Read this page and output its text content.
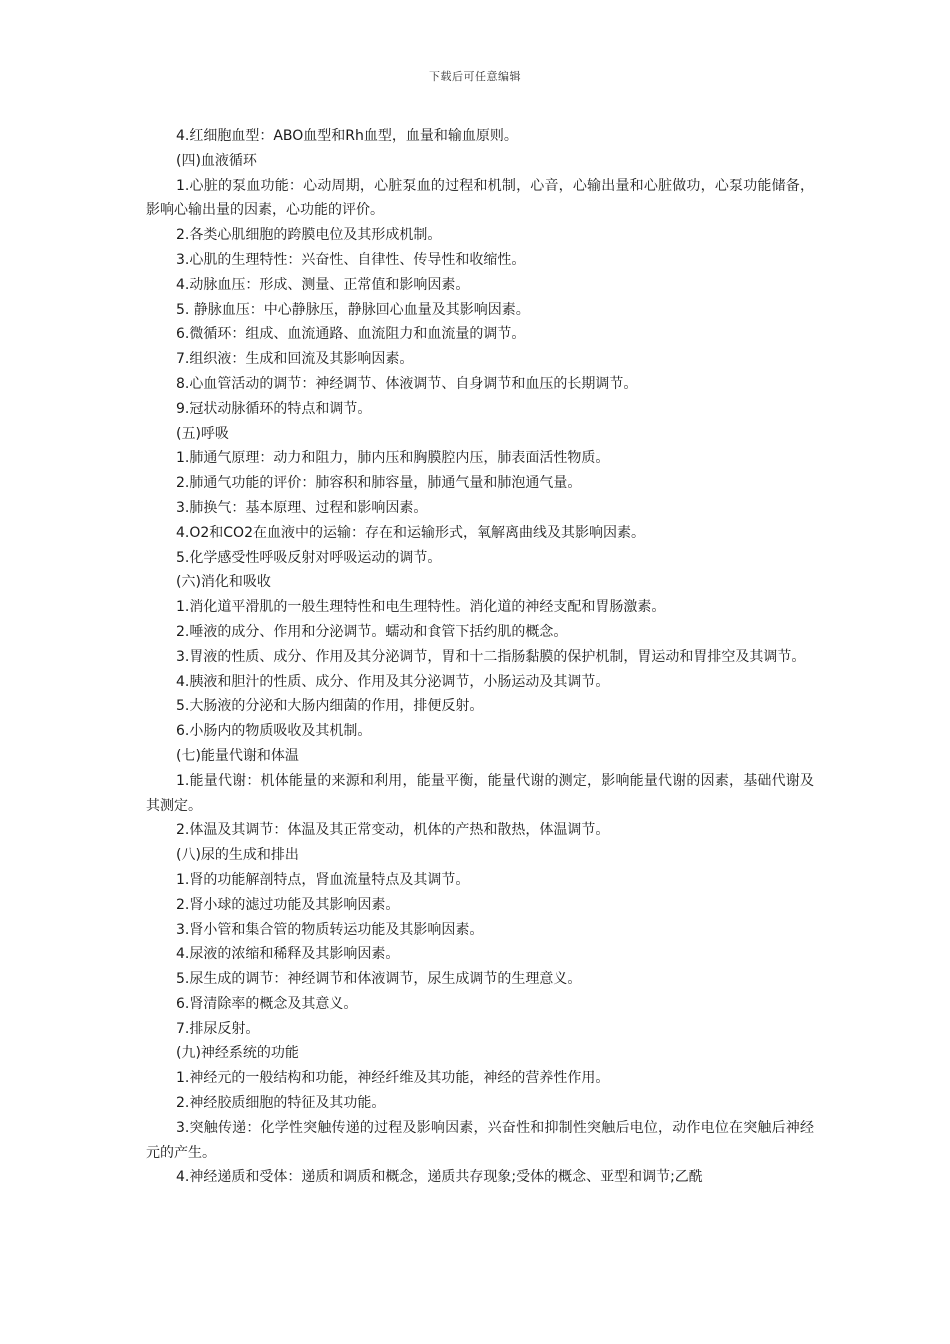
下载后可任意编辑

4.红细胞血型：ABO血型和Rh血型，血量和输血原则。

(四)血液循环

1.心脏的泵血功能：心动周期，心脏泵血的过程和机制，心音，心输出量和心脏做功，心泵功能储备，影响心输出量的因素，心功能的评价。

2.各类心肌细胞的跨膜电位及其形成机制。

3.心肌的生理特性：兴奋性、自律性、传导性和收缩性。

4.动脉血压：形成、测量、正常值和影响因素。

5. 静脉血压：中心静脉压，静脉回心血量及其影响因素。

6.微循环：组成、血流通路、血流阻力和血流量的调节。

7.组织液：生成和回流及其影响因素。

8.心血管活动的调节：神经调节、体液调节、自身调节和血压的长期调节。

9.冠状动脉循环的特点和调节。

(五)呼吸

1.肺通气原理：动力和阻力，肺内压和胸膜腔内压，肺表面活性物质。

2.肺通气功能的评价：肺容积和肺容量，肺通气量和肺泡通气量。

3.肺换气：基本原理、过程和影响因素。

4.O2和CO2在血液中的运输：存在和运输形式，氧解离曲线及其影响因素。

5.化学感受性呼吸反射对呼吸运动的调节。

(六)消化和吸收

1.消化道平滑肌的一般生理特性和电生理特性。消化道的神经支配和胃肠激素。

2.唾液的成分、作用和分泌调节。蠕动和食管下括约肌的概念。

3.胃液的性质、成分、作用及其分泌调节，胃和十二指肠黏膜的保护机制，胃运动和胃排空及其调节。

4.胰液和胆汁的性质、成分、作用及其分泌调节，小肠运动及其调节。

5.大肠液的分泌和大肠内细菌的作用，排便反射。

6.小肠内的物质吸收及其机制。

(七)能量代谢和体温

1.能量代谢：机体能量的来源和利用，能量平衡，能量代谢的测定，影响能量代谢的因素，基础代谢及其测定。

2.体温及其调节：体温及其正常变动，机体的产热和散热，体温调节。

(八)尿的生成和排出

1.肾的功能解剖特点，肾血流量特点及其调节。

2.肾小球的滤过功能及其影响因素。

3.肾小管和集合管的物质转运功能及其影响因素。

4.尿液的浓缩和稀释及其影响因素。

5.尿生成的调节：神经调节和体液调节，尿生成调节的生理意义。

6.肾清除率的概念及其意义。

7.排尿反射。

(九)神经系统的功能

1.神经元的一般结构和功能，神经纤维及其功能，神经的营养性作用。

2.神经胶质细胞的特征及其功能。

3.突触传递：化学性突触传递的过程及影响因素，兴奋性和抑制性突触后电位，动作电位在突触后神经元的产生。

4.神经递质和受体：递质和调质和概念，递质共存现象;受体的概念、亚型和调节;乙酰
